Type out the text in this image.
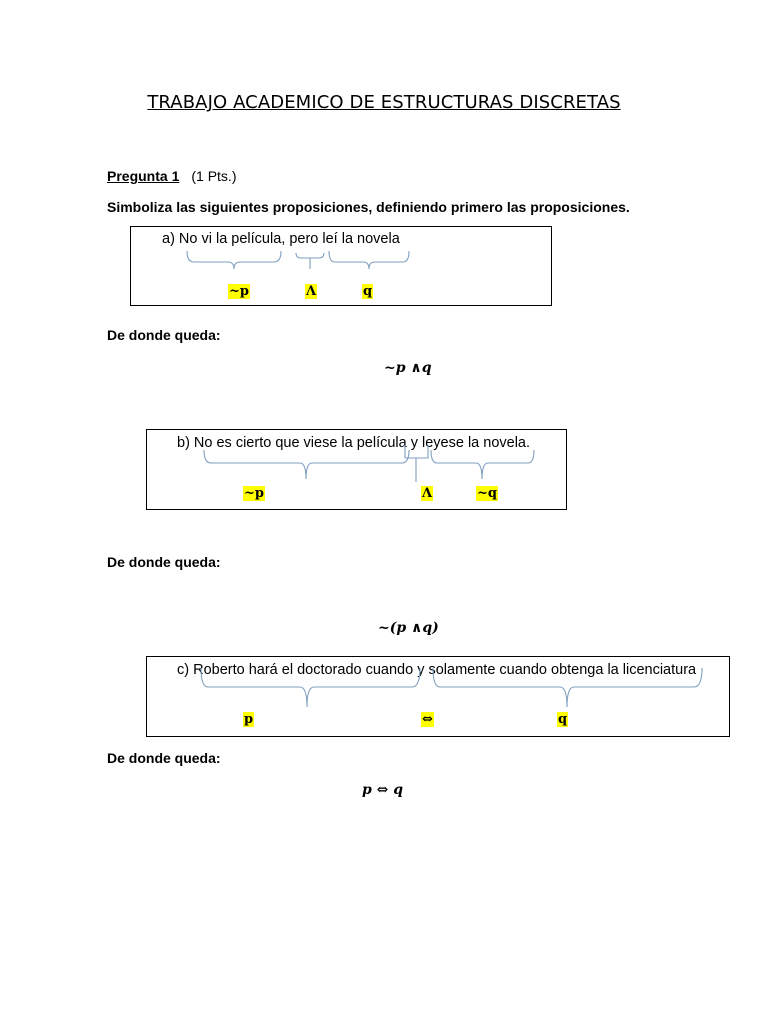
TRABAJO ACADEMICO DE ESTRUCTURAS DISCRETAS
Pregunta 1 (1 Pts.)
Simboliza las siguientes proposiciones, definiendo primero las proposiciones.
a) No vi la película, pero leí la novela
~p	Λ	q
De donde queda:
~p ∧q
b) No es cierto que viese la película y leyese la novela.
~p	Λ	~q
De donde queda:
~(p ∧q)
c) Roberto hará el doctorado cuando y solamente cuando obtenga la licenciatura
p	⇔	q
De donde queda:
p ⇔ q
